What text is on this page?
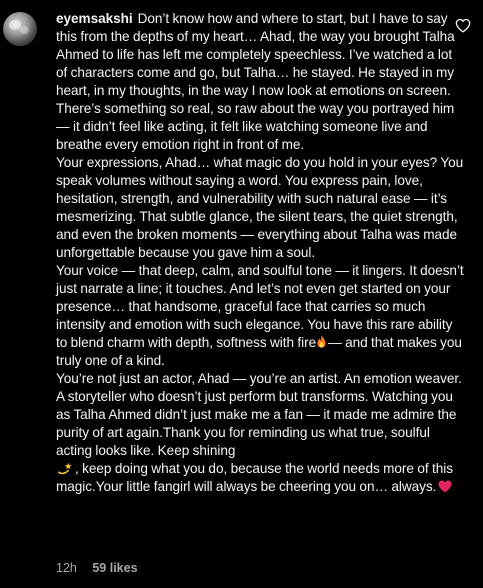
eyemsakshi Don’t know how and where to start, but I have to say this from the depths of my heart… Ahad, the way you brought Talha Ahmed to life has left me completely speechless. I’ve watched a lot of characters come and go, but Talha… he stayed. He stayed in my heart, in my thoughts, in the way I now look at emotions on screen. There’s something so real, so raw about the way you portrayed him — it didn’t feel like acting, it felt like watching someone live and breathe every emotion right in front of me.

Your expressions, Ahad… what magic do you hold in your eyes? You speak volumes without saying a word. You express pain, love, hesitation, strength, and vulnerability with such natural ease — it’s mesmerizing. That subtle glance, the silent tears, the quiet strength, and even the broken moments — everything about Talha was made unforgettable because you gave him a soul.

Your voice — that deep, calm, and soulful tone — it lingers. It doesn’t just narrate a line; it touches. And let’s not even get started on your presence… that handsome, graceful face that carries so much intensity and emotion with such elegance. You have this rare ability to blend charm with depth, softness with fire — and that makes you truly one of a kind.

You’re not just an actor, Ahad — you’re an artist. An emotion weaver. A storyteller who doesn’t just perform but transforms. Watching you as Talha Ahmed didn’t just make me a fan — it made me admire the purity of art again.Thank you for reminding us what true, soulful acting looks like. Keep shining
, keep doing what you do, because the world needs more of this magic.Your little fangirl will always be cheering you on… always.

12h 59 likes
